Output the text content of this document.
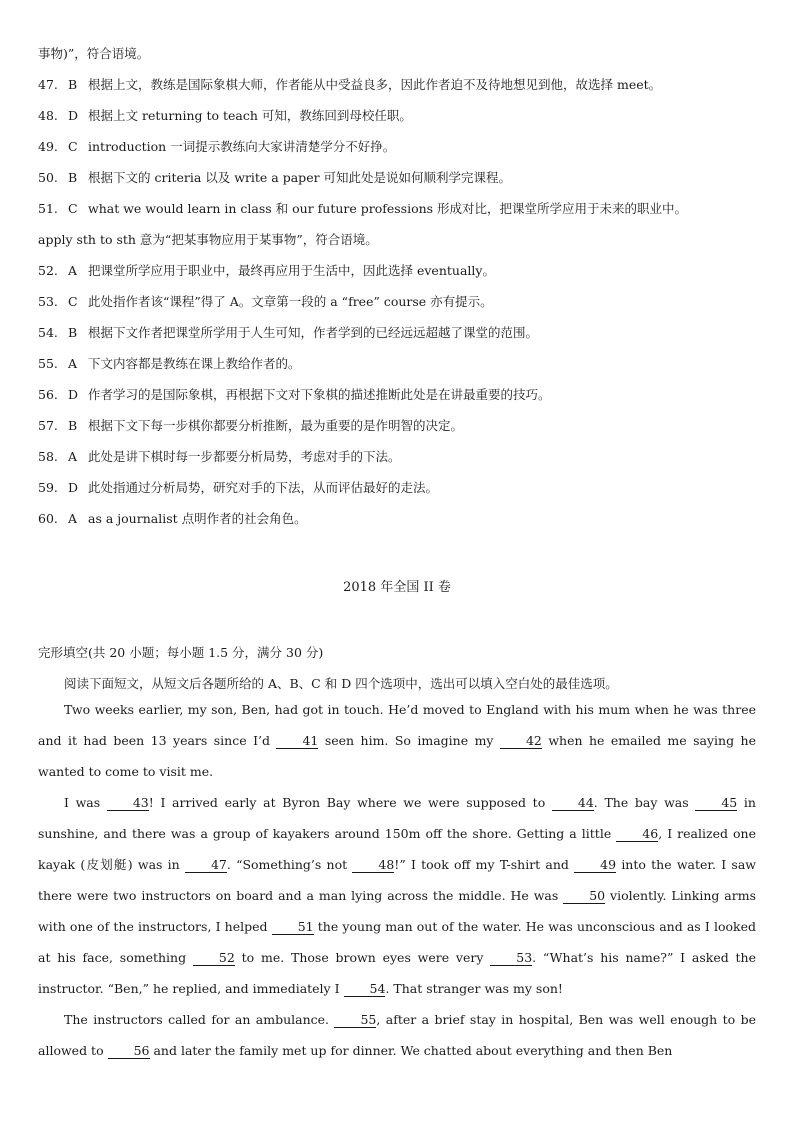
事物)”，符合语境。
47. B 根据上文，教练是国际象棋大师，作者能从中受益良多，因此作者迫不及待地想见到他，故选择 meet。
48. D 根据上文 returning to teach 可知，教练回到母校任职。
49. C introduction 一词提示教练向大家讲清楚学分不好挣。
50. B 根据下文的 criteria 以及 write a paper 可知此处是说如何顺利学完课程。
51. C what we would learn in class 和 our future professions 形成对比，把课堂所学应用于未来的职业中。
apply sth to sth 意为“把某事物应用于某事物”，符合语境。
52. A 把课堂所学应用于职业中，最终再应用于生活中，因此选择 eventually。
53. C 此处指作者该“课程”得了 A。文章第一段的 a “free” course 亦有提示。
54. B 根据下文作者把课堂所学用于人生可知，作者学到的已经远远超越了课堂的范围。
55. A 下文内容都是教练在课上教给作者的。
56. D 作者学习的是国际象棋，再根据下文对下象棋的描述推断此处是在讲最重要的技巧。
57. B 根据下文下每一步棋你都要分析推断，最为重要的是作明智的决定。
58. A 此处是讲下棋时每一步都要分析局势，考虑对手的下法。
59. D 此处指通过分析局势，研究对手的下法，从而评估最好的走法。
60. A as a journalist 点明作者的社会角色。
2018 年全国 II 卷
完形填空(共 20 小题；每小题 1.5 分，满分 30 分)
阅读下面短文，从短文后各题所给的 A、B、C 和 D 四个选项中，选出可以填入空白处的最佳选项。

Two weeks earlier, my son, Ben, had got in touch. He’d moved to England with his mum when he was three and it had been 13 years since I’d	41 seen him. So imagine my	42 when he emailed me saying he wanted to come to visit me.

I was	43! I arrived early at Byron Bay where we were supposed to	44. The bay was	45 in sunshine, and there was a group of kayakers around 150m off the shore. Getting a little 46, I realized one kayak (皮划艇) was in 47. “Something’s not 48!” I took off my T-shirt and 49 into the water. I saw there were two instructors on board and a man lying across the middle. He was 50 violently. Linking arms with one of the instructors, I helped 51 the young man out of the water. He was unconscious and as I looked at his face, something	52 to me. Those brown eyes were very	53. “What’s his name?” I asked the instructor. “Ben,” he replied, and immediately I 54. That stranger was my son!

The instructors called for an ambulance.	55, after a brief stay in hospital, Ben was well enough to be allowed to 56 and later the family met up for dinner. We chatted about everything and then Ben
